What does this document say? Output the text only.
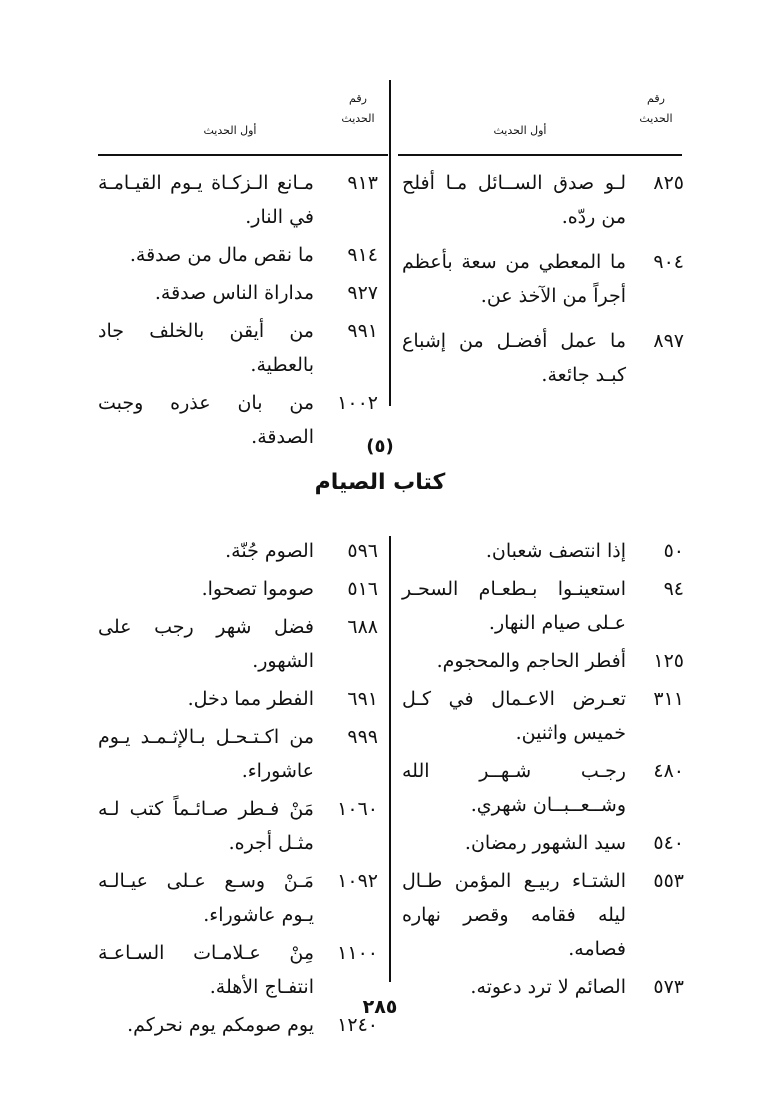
رقم
الحديث
أول الحديث
رقم
الحديث
أول الحديث
٨٢٥
لـو صدق الســائل مـا أفلح من ردّه.
٩٠٤
ما المعطي من سعة بأعظم أجراً من الآخذ عن.
٨٩٧
ما عمل أفضـل من إشباع كبـد جائعة.
٩١٣
مـانع الـزكـاة يـوم القيـامـة في النار.
٩١٤
ما نقص مال من صدقة.
٩٢٧
مداراة الناس صدقة.
٩٩١
من أيقن بالخلف جاد بالعطية.
١٠٠٢
من بان عذره وجبت الصدقة.	(٥)
كتاب الصيام
٥٠
إذا انتصف شعبان.
٩٤
استعينـوا بـطعـام السحـر عـلى صيام النهار.
١٢٥
أفطر الحاجم والمحجوم.
٣١١
تعـرض الاعـمال في كـل خميس واثنين.
٤٨٠
رجـب شـهــر الله وشــعــبــان شهري.
٥٤٠
سيد الشهور رمضان.
٥٥٣
الشتـاء ربيـع المؤمن طـال ليله فقامه وقصر نهاره فصامه.
٥٧٣
الصائم لا ترد دعوته.
٥٩٦
الصوم جُنّة.
٥١٦
صوموا تصحوا.
٦٨٨
فضل شهر رجب على الشهور.
٦٩١
الفطر مما دخل.
٩٩٩
من اكـتـحـل بـالإثـمـد يـوم عاشوراء.
١٠٦٠
مَنْ فـطر صـائـماً كتب لـه مثـل أجره.
١٠٩٢
مَـنْ وسـع عـلى عيـالـه يـوم عاشوراء.
١١٠٠
مِنْ عـلامـات السـاعـة انتفـاج الأهلة.
١٢٤٠
يوم صومكم يوم نحركم.
٢٨٥
